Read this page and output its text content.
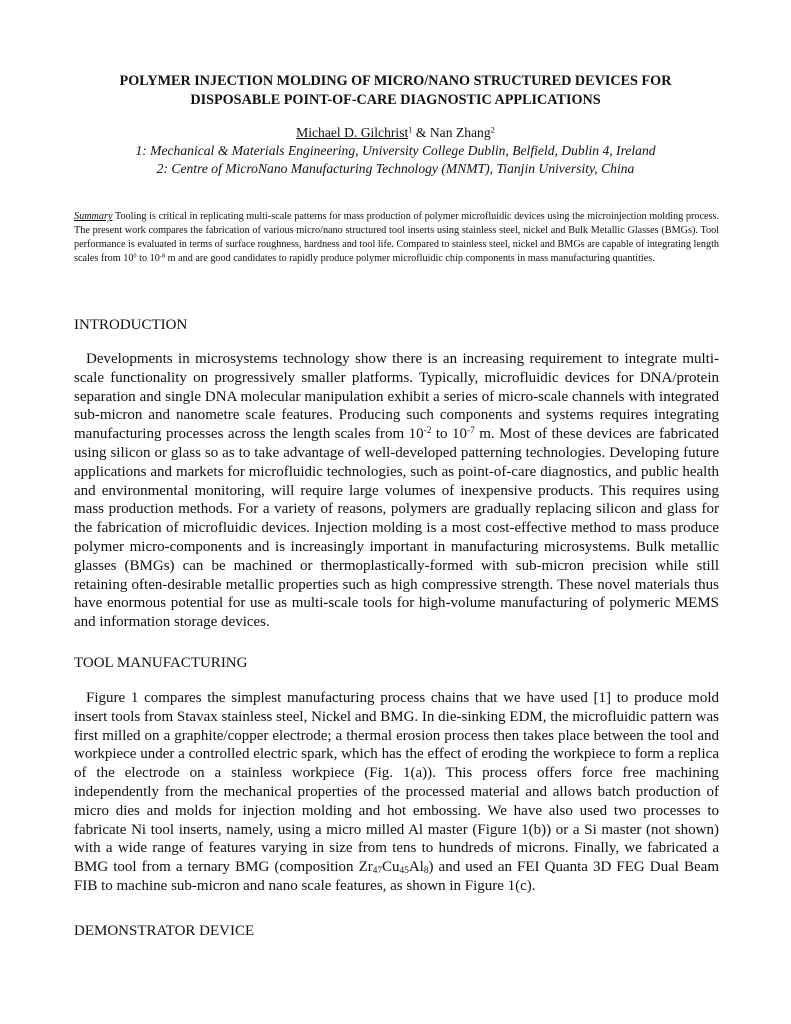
POLYMER INJECTION MOLDING OF MICRO/NANO STRUCTURED DEVICES FOR
DISPOSABLE POINT-OF-CARE DIAGNOSTIC APPLICATIONS
Michael D. Gilchrist$^1$ & Nan Zhang$^2$
1: Mechanical & Materials Engineering, University College Dublin, Belfield, Dublin 4, Ireland
2: Centre of MicroNano Manufacturing Technology (MNMT), Tianjin University, China
Summary Tooling is critical in replicating multi-scale patterns for mass production of polymer microfluidic devices using the microinjection molding process. The present work compares the fabrication of various micro/nano structured tool inserts using stainless steel, nickel and Bulk Metallic Glasses (BMGs). Tool performance is evaluated in terms of surface roughness, hardness and tool life. Compared to stainless steel, nickel and BMGs are capable of integrating length scales from $10^0$ to $10^{-8}$ m and are good candidates to rapidly produce polymer microfluidic chip components in mass manufacturing quantities.
INTRODUCTION
Developments in microsystems technology show there is an increasing requirement to integrate multi-scale functionality on progressively smaller platforms. Typically, microfluidic devices for DNA/protein separation and single DNA molecular manipulation exhibit a series of micro-scale channels with integrated sub-micron and nanometre scale features. Producing such components and systems requires integrating manufacturing processes across the length scales from $10^{-2}$ to $10^{-7}$ m. Most of these devices are fabricated using silicon or glass so as to take advantage of well-developed patterning technologies. Developing future applications and markets for microfluidic technologies, such as point-of-care diagnostics, and public health and environmental monitoring, will require large volumes of inexpensive products. This requires using mass production methods. For a variety of reasons, polymers are gradually replacing silicon and glass for the fabrication of microfluidic devices. Injection molding is a most cost-effective method to mass produce polymer micro-components and is increasingly important in manufacturing microsystems. Bulk metallic glasses (BMGs) can be machined or thermoplastically-formed with sub-micron precision while still retaining often-desirable metallic properties such as high compressive strength. These novel materials thus have enormous potential for use as multi-scale tools for high-volume manufacturing of polymeric MEMS and information storage devices.
TOOL MANUFACTURING
Figure 1 compares the simplest manufacturing process chains that we have used [1] to produce mold insert tools from Stavax stainless steel, Nickel and BMG. In die-sinking EDM, the microfluidic pattern was first milled on a graphite/copper electrode; a thermal erosion process then takes place between the tool and workpiece under a controlled electric spark, which has the effect of eroding the workpiece to form a replica of the electrode on a stainless workpiece (Fig. 1(a)). This process offers force free machining independently from the mechanical properties of the processed material and allows batch production of micro dies and molds for injection molding and hot embossing. We have also used two processes to fabricate Ni tool inserts, namely, using a micro milled Al master (Figure 1(b)) or a Si master (not shown) with a wide range of features varying in size from tens to hundreds of microns. Finally, we fabricated a BMG tool from a ternary BMG (composition $Zr_{47}Cu_{45}Al_8$) and used an FEI Quanta 3D FEG Dual Beam FIB to machine sub-micron and nano scale features, as shown in Figure 1(c).
DEMONSTRATOR DEVICE
